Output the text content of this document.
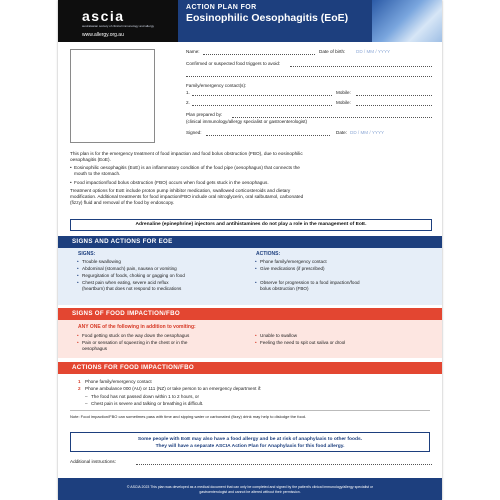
ascia
australasian society of clinical immunology and allergy
www.allergy.org.au
ACTION PLAN FOR
Eosinophilic Oesophagitis (EoE)
Name:	Date of birth: DD / MM / YYYY
Confirmed or suspected food triggers to avoid:
Family/emergency contact(s):
1.	Mobile:
2.	Mobile:
Plan prepared by:
(clinical immunology/allergy specialist or gastroenterologist)
Signed:	Date: DD / MM / YYYY
This plan is for the emergency treatment of food impaction and food bolus obstruction (FBO), due to eosinophilic
oesophagitis (EoE).
• Eosinophilic oesophagitis (EoE) is an inflammatory condition of the food pipe (oesophagus) that connects the
mouth to the stomach.
• Food impaction/food bolus obstruction (FBO) occurs when food gets stuck in the oesophagus.
Treatment options for EoE include proton pump inhibitor medication, swallowed corticosteroids and dietary
modification. Additional treatments for food impaction/FBO include oral nitroglycerin, oral salbutamol, carbonated
(fizzy) fluid and removal of the food by endoscopy.
Adrenaline (epinephrine) injectors and antihistamines do not play a role in the management of EoE.
SIGNS AND ACTIONS FOR EOE
SIGNS:
• Trouble swallowing
• Abdominal (stomach) pain, nausea or vomiting
• Regurgitation of foods, choking or gagging on food
• Chest pain when eating, severe acid reflux
(heartburn) that does not respond to medications
ACTIONS:
• Phone family/emergency contact
• Give medications (if prescribed)
• Observe for progression to a food impaction/food
bolus obstruction (FBO)
SIGNS OF FOOD IMPACTION/FBO
ANY ONE of the following in addition to vomiting:
• Food getting stuck on the way down the oesophagus
• Pain or sensation of squeezing in the chest or in the
oesophagus
• Unable to swallow
• Feeling the need to spit out saliva or drool
ACTIONS FOR FOOD IMPACTION/FBO
1 Phone family/emergency contact
2 Phone ambulance 000 (AU) or 111 (NZ) or take person to an emergency department if:
– The food has not passed down within 1 to 2 hours, or
– Chest pain is severe and talking or breathing is difficult.
Note: Food impaction/FBO can sometimes pass with time and sipping water or carbonated (fizzy) drink may help to dislodge the food.
Some people with EoE may also have a food allergy and be at risk of anaphylaxis to other foods.
They will have a separate ASCIA Action Plan for Anaphylaxis for this food allergy.
Additional instructions:
© ASCIA 2023 This plan was developed as a medical document that can only be completed and signed by the patient's clinical immunology/allergy specialist or
gastroenterologist and cannot be altered without their permission.
